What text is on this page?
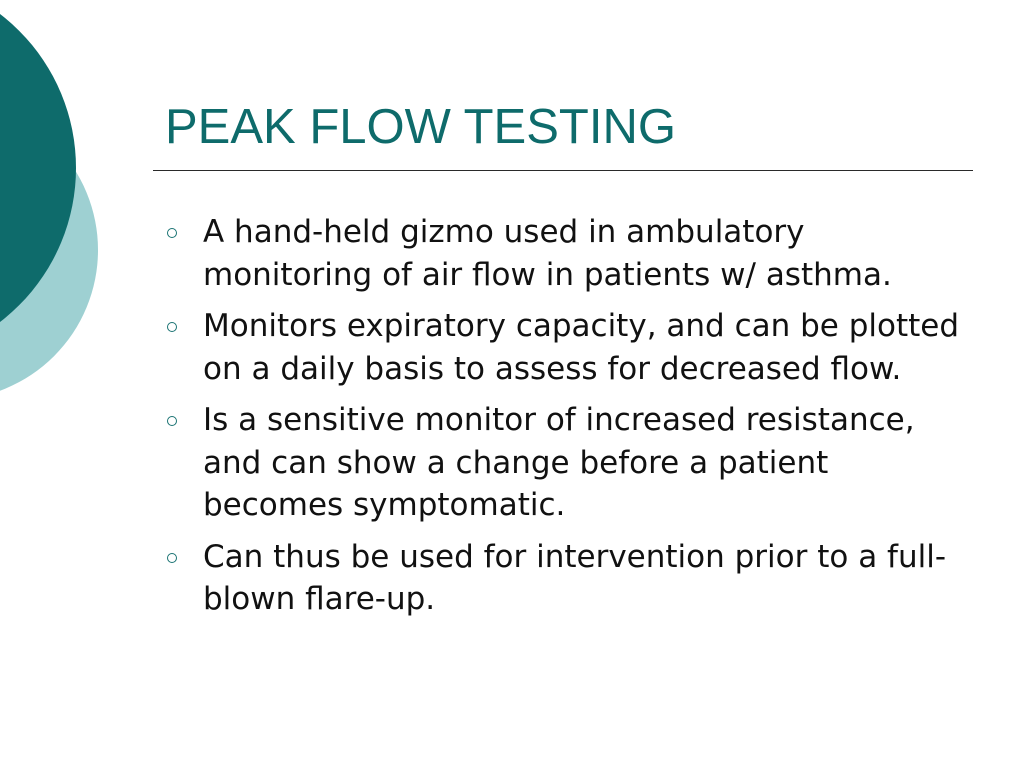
PEAK FLOW TESTING
A hand-held gizmo used in ambulatory monitoring of air flow in patients w/ asthma.
Monitors expiratory capacity, and can be plotted on a daily basis to assess for decreased flow.
Is a sensitive monitor of increased resistance, and can show a change before a patient becomes symptomatic.
Can thus be used for intervention prior to a full-blown flare-up.
